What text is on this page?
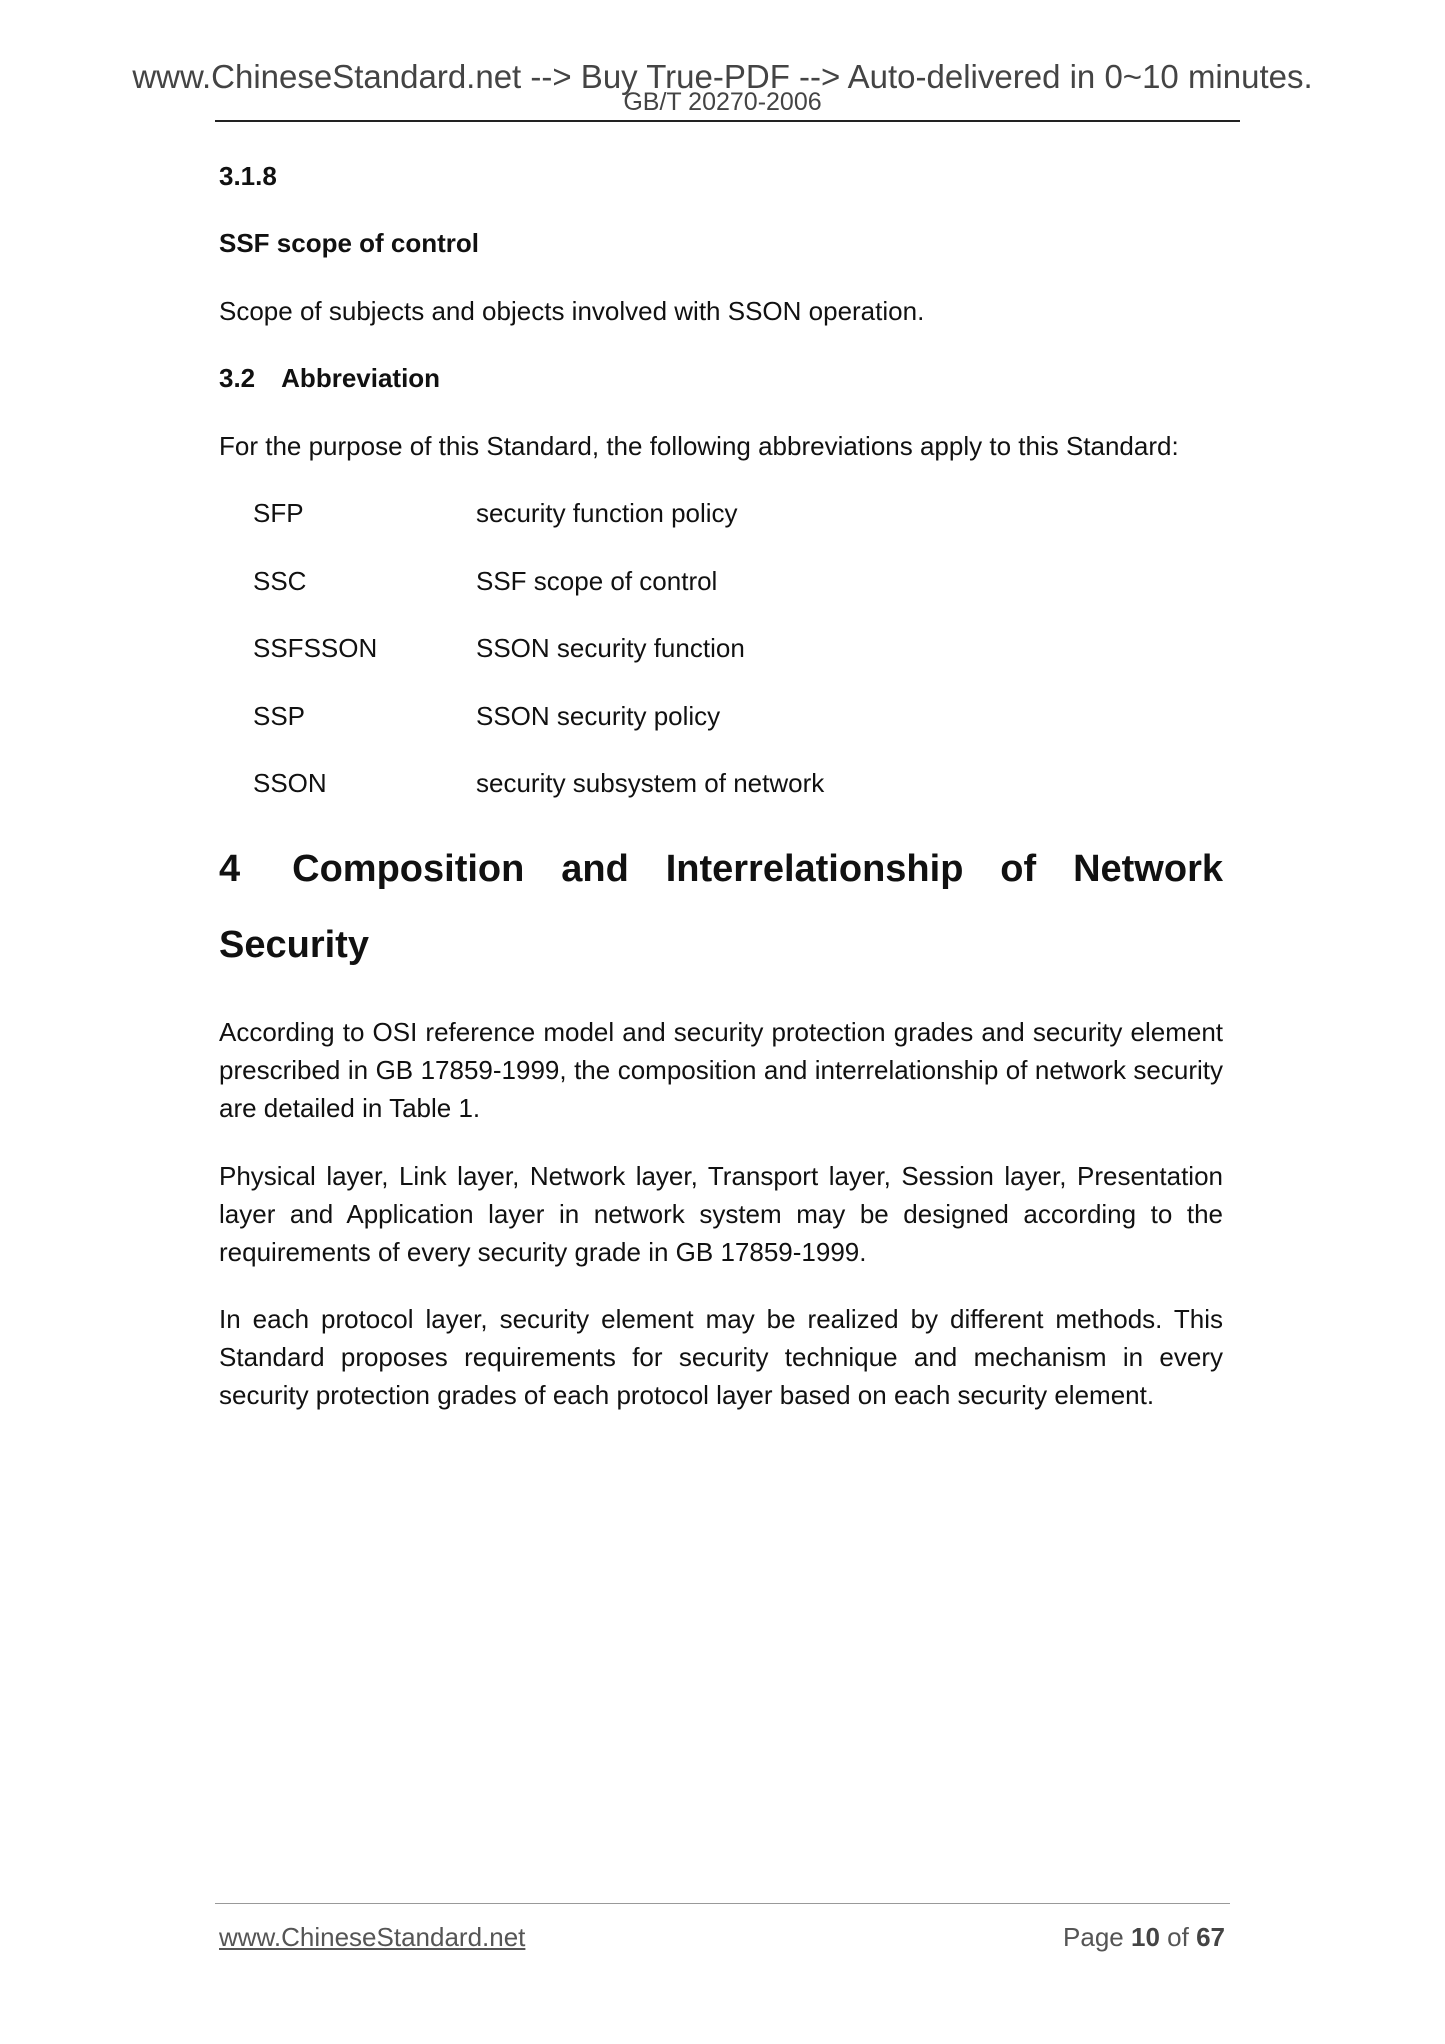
www.ChineseStandard.net --> Buy True-PDF --> Auto-delivered in 0~10 minutes.
GB/T 20270-2006
3.1.8
SSF scope of control
Scope of subjects and objects involved with SSON operation.
3.2 Abbreviation
For the purpose of this Standard, the following abbreviations apply to this Standard:
SFP	security function policy
SSC	SSF scope of control
SSFSSON	SSON security function
SSP	SSON security policy
SSON	security subsystem of network
4 Composition and Interrelationship of Network Security
According to OSI reference model and security protection grades and security element prescribed in GB 17859-1999, the composition and interrelationship of network security are detailed in Table 1.
Physical layer, Link layer, Network layer, Transport layer, Session layer, Presentation layer and Application layer in network system may be designed according to the requirements of every security grade in GB 17859-1999.
In each protocol layer, security element may be realized by different methods. This Standard proposes requirements for security technique and mechanism in every security protection grades of each protocol layer based on each security element.
www.ChineseStandard.net	Page 10 of 67
